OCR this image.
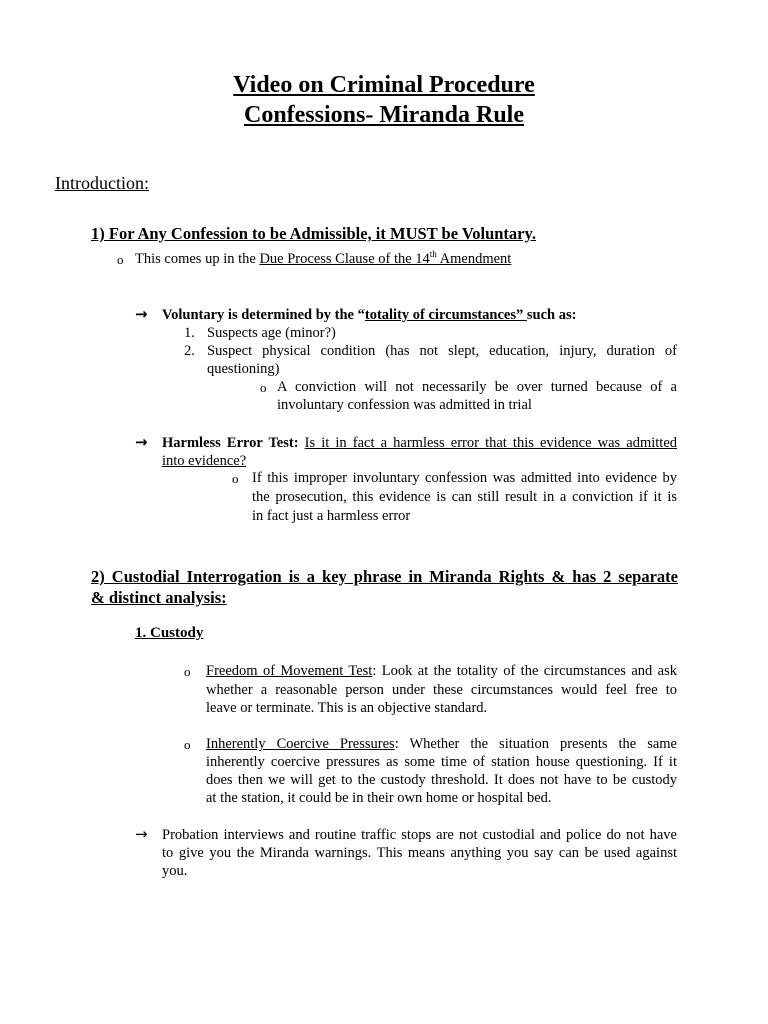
Video on Criminal Procedure
Confessions- Miranda Rule
Introduction:
1) For Any Confession to be Admissible, it MUST be Voluntary.
o This comes up in the Due Process Clause of the 14th Amendment
→ Voluntary is determined by the “totality of circumstances” such as:
1. Suspects age (minor?)
2. Suspect physical condition (has not slept, education, injury, duration of
questioning)
o A conviction will not necessarily be over turned because of a
involuntary confession was admitted in trial
→ Harmless Error Test: Is it in fact a harmless error that this evidence was admitted
into evidence?
o If this improper involuntary confession was admitted into evidence by
the prosecution, this evidence is can still result in a conviction if it is
in fact just a harmless error
2) Custodial Interrogation is a key phrase in Miranda Rights & has 2 separate
& distinct analysis:
1. Custody
o Freedom of Movement Test: Look at the totality of the circumstances and ask
whether a reasonable person under these circumstances would feel free to
leave or terminate. This is an objective standard.
o Inherently Coercive Pressures: Whether the situation presents the same
inherently coercive pressures as some time of station house questioning. If it
does then we will get to the custody threshold. It does not have to be custody
at the station, it could be in their own home or hospital bed.
→ Probation interviews and routine traffic stops are not custodial and police do not have
to give you the Miranda warnings. This means anything you say can be used against
you.
